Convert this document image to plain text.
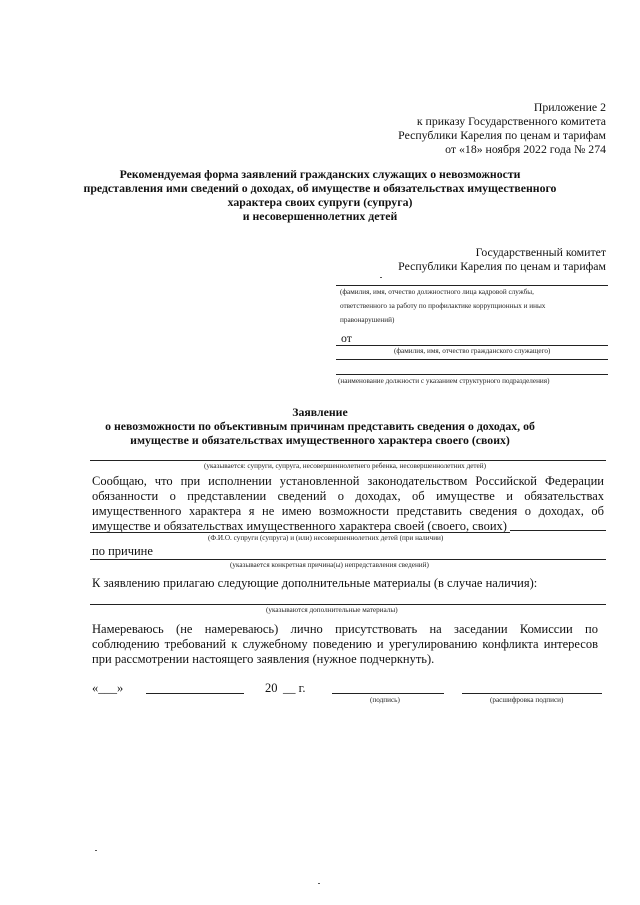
Приложение 2
к приказу Государственного комитета
Республики Карелия по ценам и тарифам
от «18» ноября 2022 года № 274
Рекомендуемая форма заявлений гражданских служащих о невозможности
представления ими сведений о доходах, об имуществе и обязательствах имущественного
характера своих супруги (супруга)
и несовершеннолетних детей
Государственный комитет
Республики Карелия по ценам и тарифам
(фамилия, имя, отчество должностного лица кадровой службы,
ответственного за работу по профилактике коррупционных и иных
правонарушений)
от
(фамилия, имя, отчество гражданского служащего)
(наименование должности с указанием структурного подразделения)
Заявление
о невозможности по объективным причинам представить сведения о доходах, об
имуществе и обязательствах имущественного характера своего (своих)
(указывается: супруги, супруга, несовершеннолетнего ребенка, несовершеннолетних детей)
Сообщаю, что при исполнении установленной законодательством Российской Федерации
обязанности о представлении сведений о доходах, об имуществе и обязательствах
имущественного характера я не имею возможности представить сведения о доходах, об
имуществе и обязательствах имущественного характера своей (своего, своих)
(Ф.И.О. супруги (супруга) и (или) несовершеннолетних детей (при наличии)
по причине
(указывается конкретная причина(ы) непредставления сведений)
К заявлению прилагаю следующие дополнительные материалы (в случае наличия):
(указываются дополнительные материалы)
Намереваюсь (не намереваюсь) лично присутствовать на заседании Комиссии по
соблюдению требований к служебному поведению и урегулированию конфликта интересов
при рассмотрении настоящего заявления (нужное подчеркнуть).
«___»	20 __ г.
(подпись)	(расшифровка подписи)
